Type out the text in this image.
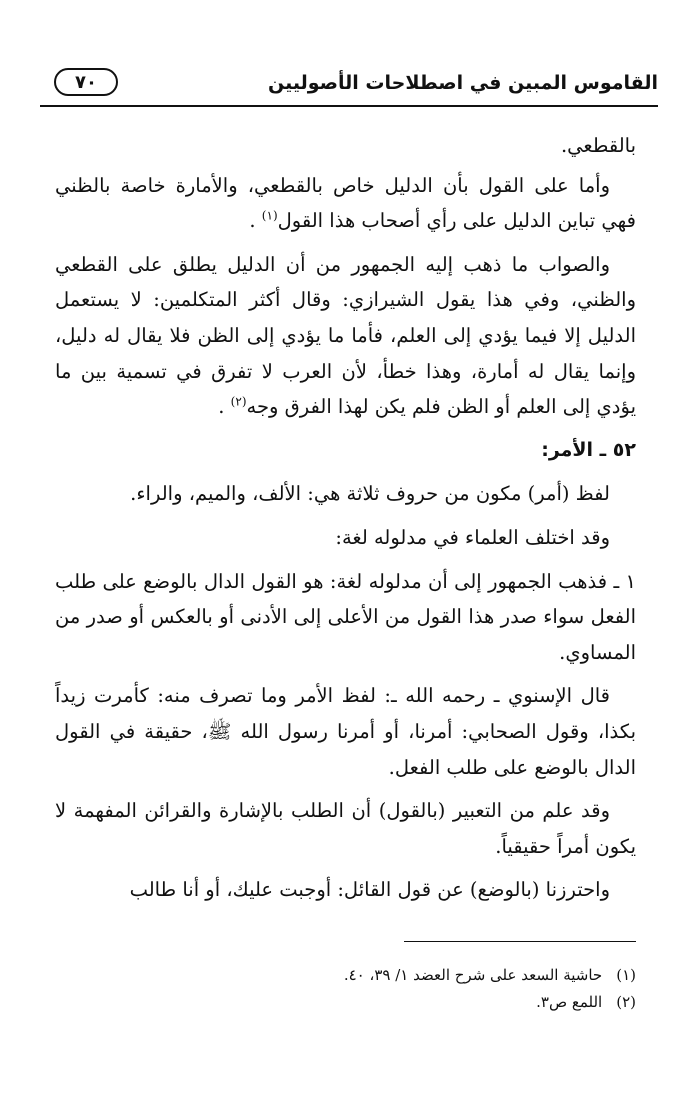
القاموس المبين في اصطلاحات الأصوليين
٧٠

بالقطعي.

وأما على القول بأن الدليل خاص بالقطعي، والأمارة خاصة بالظني فهي تباين الدليل على رأي أصحاب هذا القول$^{(١)}$ .

والصواب ما ذهب إليه الجمهور من أن الدليل يطلق على القطعي والظني، وفي هذا يقول الشيرازي: وقال أكثر المتكلمين: لا يستعمل الدليل إلا فيما يؤدي إلى العلم، فأما ما يؤدي إلى الظن فلا يقال له دليل، وإنما يقال له أمارة، وهذا خطأ، لأن العرب لا تفرق في تسمية بين ما يؤدي إلى العلم أو الظن فلم يكن لهذا الفرق وجه$^{(٢)}$ .

٥٢ ـ الأمر:

لفظ (أمر) مكون من حروف ثلاثة هي: الألف، والميم، والراء.

وقد اختلف العلماء في مدلوله لغة:

١ ـ فذهب الجمهور إلى أن مدلوله لغة: هو القول الدال بالوضع على طلب الفعل سواء صدر هذا القول من الأعلى إلى الأدنى أو بالعكس أو صدر من المساوي.

قال الإسنوي ـ رحمه الله ـ: لفظ الأمر وما تصرف منه: كأمرت زيداً بكذا، وقول الصحابي: أمرنا، أو أمرنا رسول الله ﷺ، حقيقة في القول الدال بالوضع على طلب الفعل.

وقد علم من التعبير (بالقول) أن الطلب بالإشارة والقرائن المفهمة لا يكون أمراً حقيقياً.

واحترزنا (بالوضع) عن قول القائل: أوجبت عليك، أو أنا طالب

(١)
حاشية السعد على شرح العضد ١/ ٣٩، ٤٠.
(٢)
اللمع ص٣.
